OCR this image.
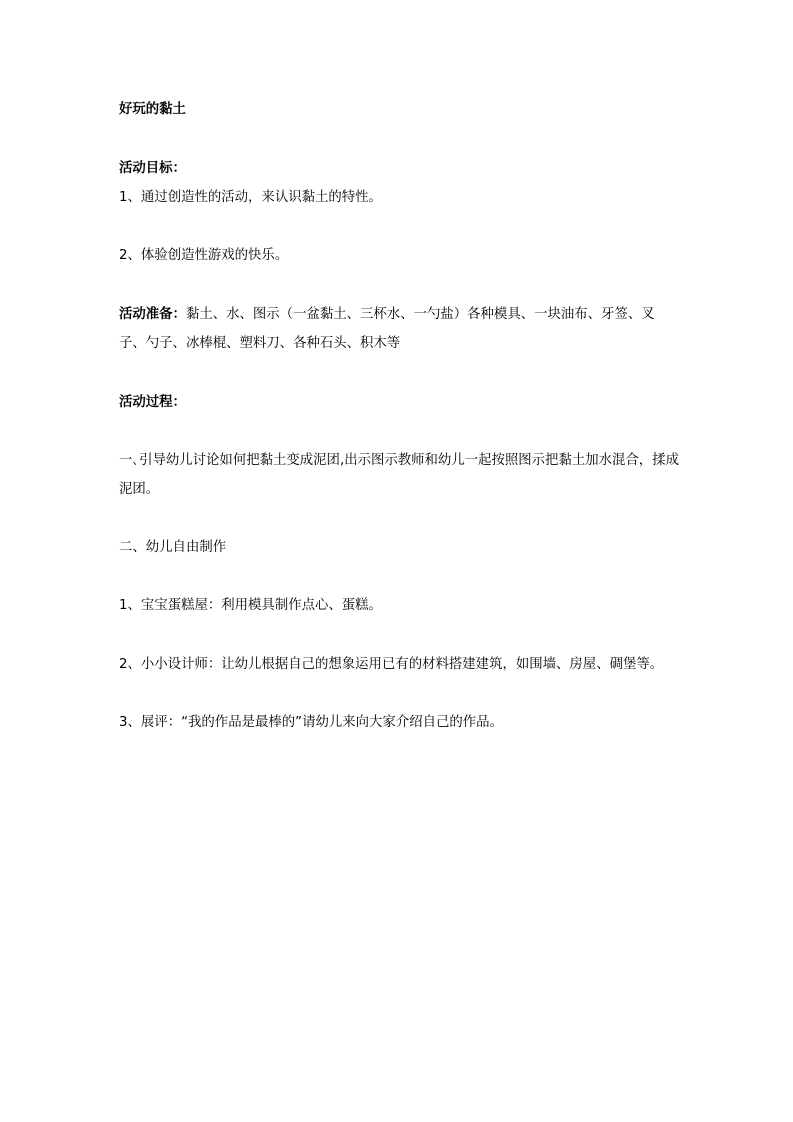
好玩的黏土
活动目标：
1、通过创造性的活动，来认识黏土的特性。
2、体验创造性游戏的快乐。
活动准备：黏土、水、图示（一盆黏土、三杯水、一勺盐）各种模具、一块油布、牙签、叉子、勺子、冰棒棍、塑料刀、各种石头、积木等
活动过程：
一､引导幼儿讨论如何把黏土变成泥团,出示图示教师和幼儿一起按照图示把黏土加水混合，揉成泥团。
二、幼儿自由制作
1、宝宝蛋糕屋：利用模具制作点心、蛋糕。
2、小小设计师：让幼儿根据自己的想象运用已有的材料搭建建筑，如围墙、房屋、碉堡等。
3、展评：“我的作品是最棒的”请幼儿来向大家介绍自己的作品。
